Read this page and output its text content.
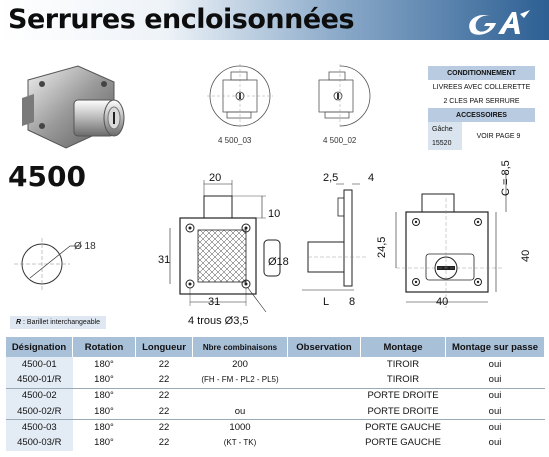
Serrures encloisonnées
4500
4 500_03	4 500_02
CONDITIONNEMENT
LIVREES AVEC COLLERETTE
2 CLES PAR SERRURE
ACCESSOIRES
Gâche	VOIR PAGE 9
15520
Ø 18
20
10
31
31
Ø18
4 trous Ø3,5
2,5	4
L 8
C = 8,5
24,5	40
40
R : Barillet interchangeable
Désignation	Rotation	Longueur	Nbre combinaisons	Observation	Montage	Montage sur passe
4500-01	180°	22	200		TIROIR	oui
4500-01/R	180°	22	(FH - FM - PL2 - PL5)		TIROIR	oui
4500-02	180°	22			PORTE DROITE	oui
4500-02/R	180°	22	ou		PORTE DROITE	oui
4500-03	180°	22	1000		PORTE GAUCHE	oui
4500-03/R	180°	22	(KT - TK)		PORTE GAUCHE	oui
